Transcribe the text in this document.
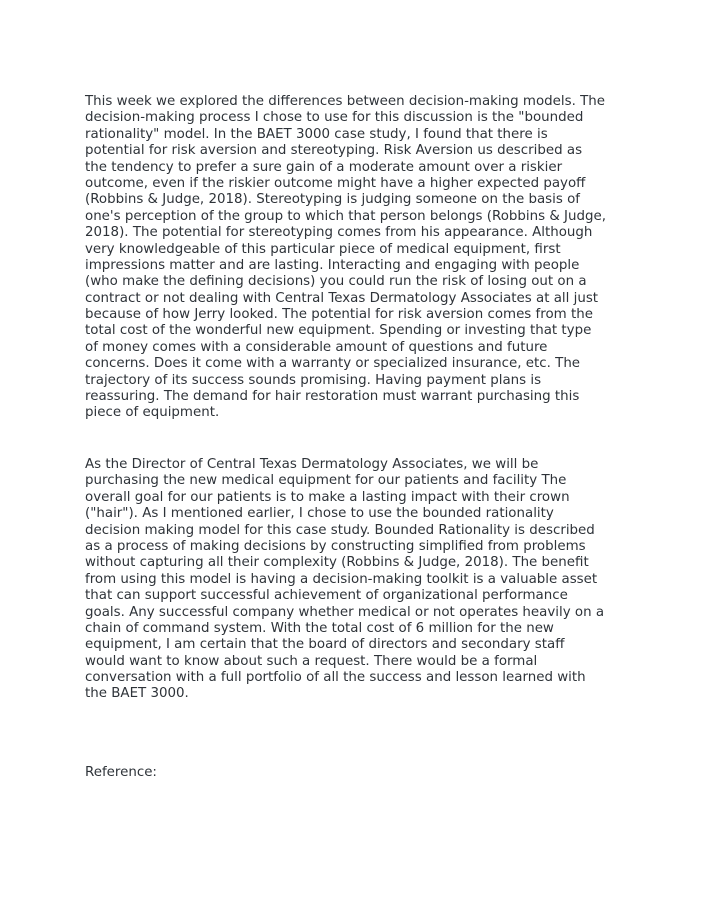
This week we explored the differences between decision-making models. The
decision-making process I chose to use for this discussion is the "bounded
rationality" model. In the BAET 3000 case study, I found that there is
potential for risk aversion and stereotyping. Risk Aversion us described as
the tendency to prefer a sure gain of a moderate amount over a riskier
outcome, even if the riskier outcome might have a higher expected payoff
(Robbins & Judge, 2018). Stereotyping is judging someone on the basis of
one's perception of the group to which that person belongs (Robbins & Judge,
2018). The potential for stereotyping comes from his appearance. Although
very knowledgeable of this particular piece of medical equipment, first
impressions matter and are lasting. Interacting and engaging with people
(who make the defining decisions) you could run the risk of losing out on a
contract or not dealing with Central Texas Dermatology Associates at all just
because of how Jerry looked. The potential for risk aversion comes from the
total cost of the wonderful new equipment. Spending or investing that type
of money comes with a considerable amount of questions and future
concerns. Does it come with a warranty or specialized insurance, etc. The
trajectory of its success sounds promising. Having payment plans is
reassuring. The demand for hair restoration must warrant purchasing this
piece of equipment.

As the Director of Central Texas Dermatology Associates, we will be
purchasing the new medical equipment for our patients and facility The
overall goal for our patients is to make a lasting impact with their crown
("hair"). As I mentioned earlier, I chose to use the bounded rationality
decision making model for this case study. Bounded Rationality is described
as a process of making decisions by constructing simplified from problems
without capturing all their complexity (Robbins & Judge, 2018). The benefit
from using this model is having a decision-making toolkit is a valuable asset
that can support successful achievement of organizational performance
goals. Any successful company whether medical or not operates heavily on a
chain of command system. With the total cost of 6 million for the new
equipment, I am certain that the board of directors and secondary staff
would want to know about such a request. There would be a formal
conversation with a full portfolio of all the success and lesson learned with
the BAET 3000.

Reference:
